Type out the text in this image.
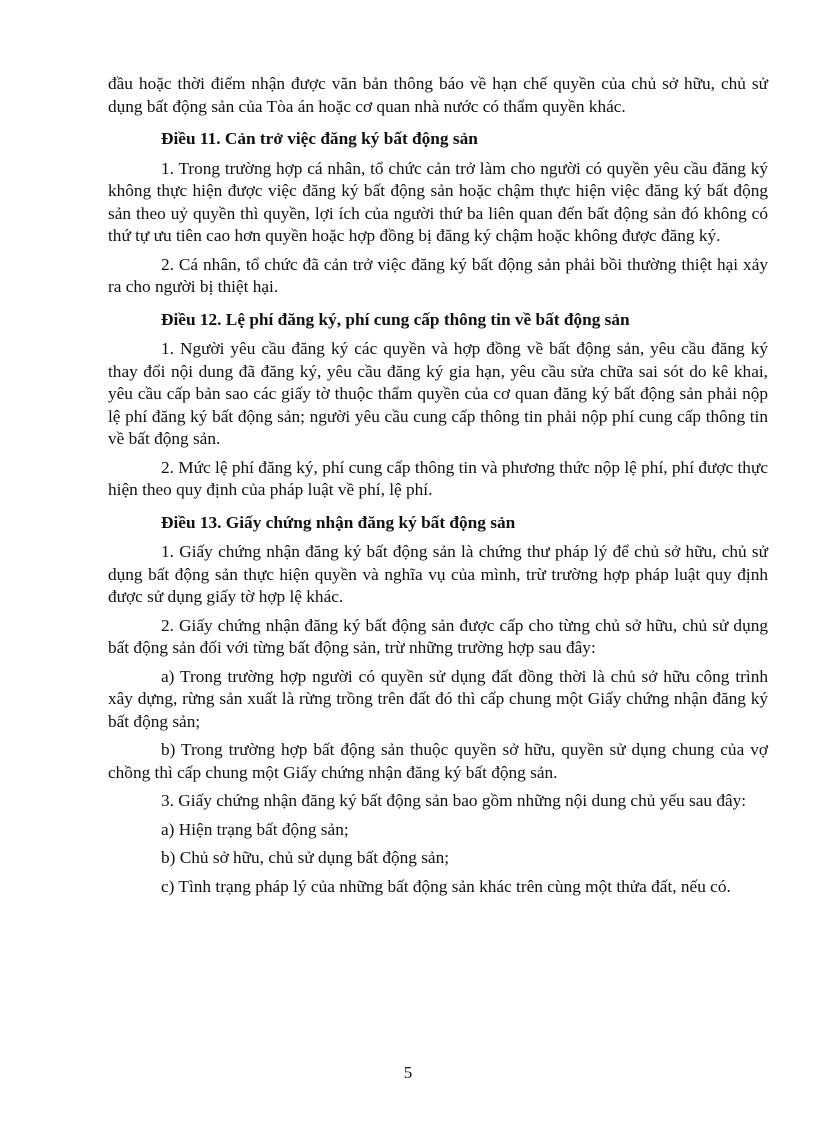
đầu hoặc thời điểm nhận được văn bản thông báo về hạn chế quyền của chủ sở hữu, chủ sử dụng bất động sản của Tòa án hoặc cơ quan nhà nước có thẩm quyền khác.

Điều 11. Cản trở việc đăng ký bất động sản

1. Trong trường hợp cá nhân, tổ chức cản trở làm cho người có quyền yêu cầu đăng ký không thực hiện được việc đăng ký bất động sản hoặc chậm thực hiện việc đăng ký bất động sản theo uỷ quyền thì quyền, lợi ích của người thứ ba liên quan đến bất động sản đó không có thứ tự ưu tiên cao hơn quyền hoặc hợp đồng bị đăng ký chậm hoặc không được đăng ký.

2. Cá nhân, tổ chức đã cản trở việc đăng ký bất động sản phải bồi thường thiệt hại xảy ra cho người bị thiệt hại.

Điều 12. Lệ phí đăng ký, phí cung cấp thông tin về bất động sản

1. Người yêu cầu đăng ký các quyền và hợp đồng về bất động sản, yêu cầu đăng ký thay đổi nội dung đã đăng ký, yêu cầu đăng ký gia hạn, yêu cầu sửa chữa sai sót do kê khai, yêu cầu cấp bản sao các giấy tờ thuộc thẩm quyền của cơ quan đăng ký bất động sản phải nộp lệ phí đăng ký bất động sản; người yêu cầu cung cấp thông tin phải nộp phí cung cấp thông tin về bất động sản.

2. Mức lệ phí đăng ký, phí cung cấp thông tin và phương thức nộp lệ phí, phí được thực hiện theo quy định của pháp luật về phí, lệ phí.

Điều 13. Giấy chứng nhận đăng ký bất động sản

1. Giấy chứng nhận đăng ký bất động sản là chứng thư pháp lý để chủ sở hữu, chủ sử dụng bất động sản thực hiện quyền và nghĩa vụ của mình, trừ trường hợp pháp luật quy định được sử dụng giấy tờ hợp lệ khác.

2. Giấy chứng nhận đăng ký bất động sản được cấp cho từng chủ sở hữu, chủ sử dụng bất động sản đối với từng bất động sản, trừ những trường hợp sau đây:

a) Trong trường hợp người có quyền sử dụng đất đồng thời là chủ sở hữu công trình xây dựng, rừng sản xuất là rừng trồng trên đất đó thì cấp chung một Giấy chứng nhận đăng ký bất động sản;

b) Trong trường hợp bất động sản thuộc quyền sở hữu, quyền sử dụng chung của vợ chồng thì cấp chung một Giấy chứng nhận đăng ký bất động sản.

3. Giấy chứng nhận đăng ký bất động sản bao gồm những nội dung chủ yếu sau đây:

a) Hiện trạng bất động sản;

b) Chủ sở hữu, chủ sử dụng bất động sản;

c) Tình trạng pháp lý của những bất động sản khác trên cùng một thửa đất, nếu có.

5
